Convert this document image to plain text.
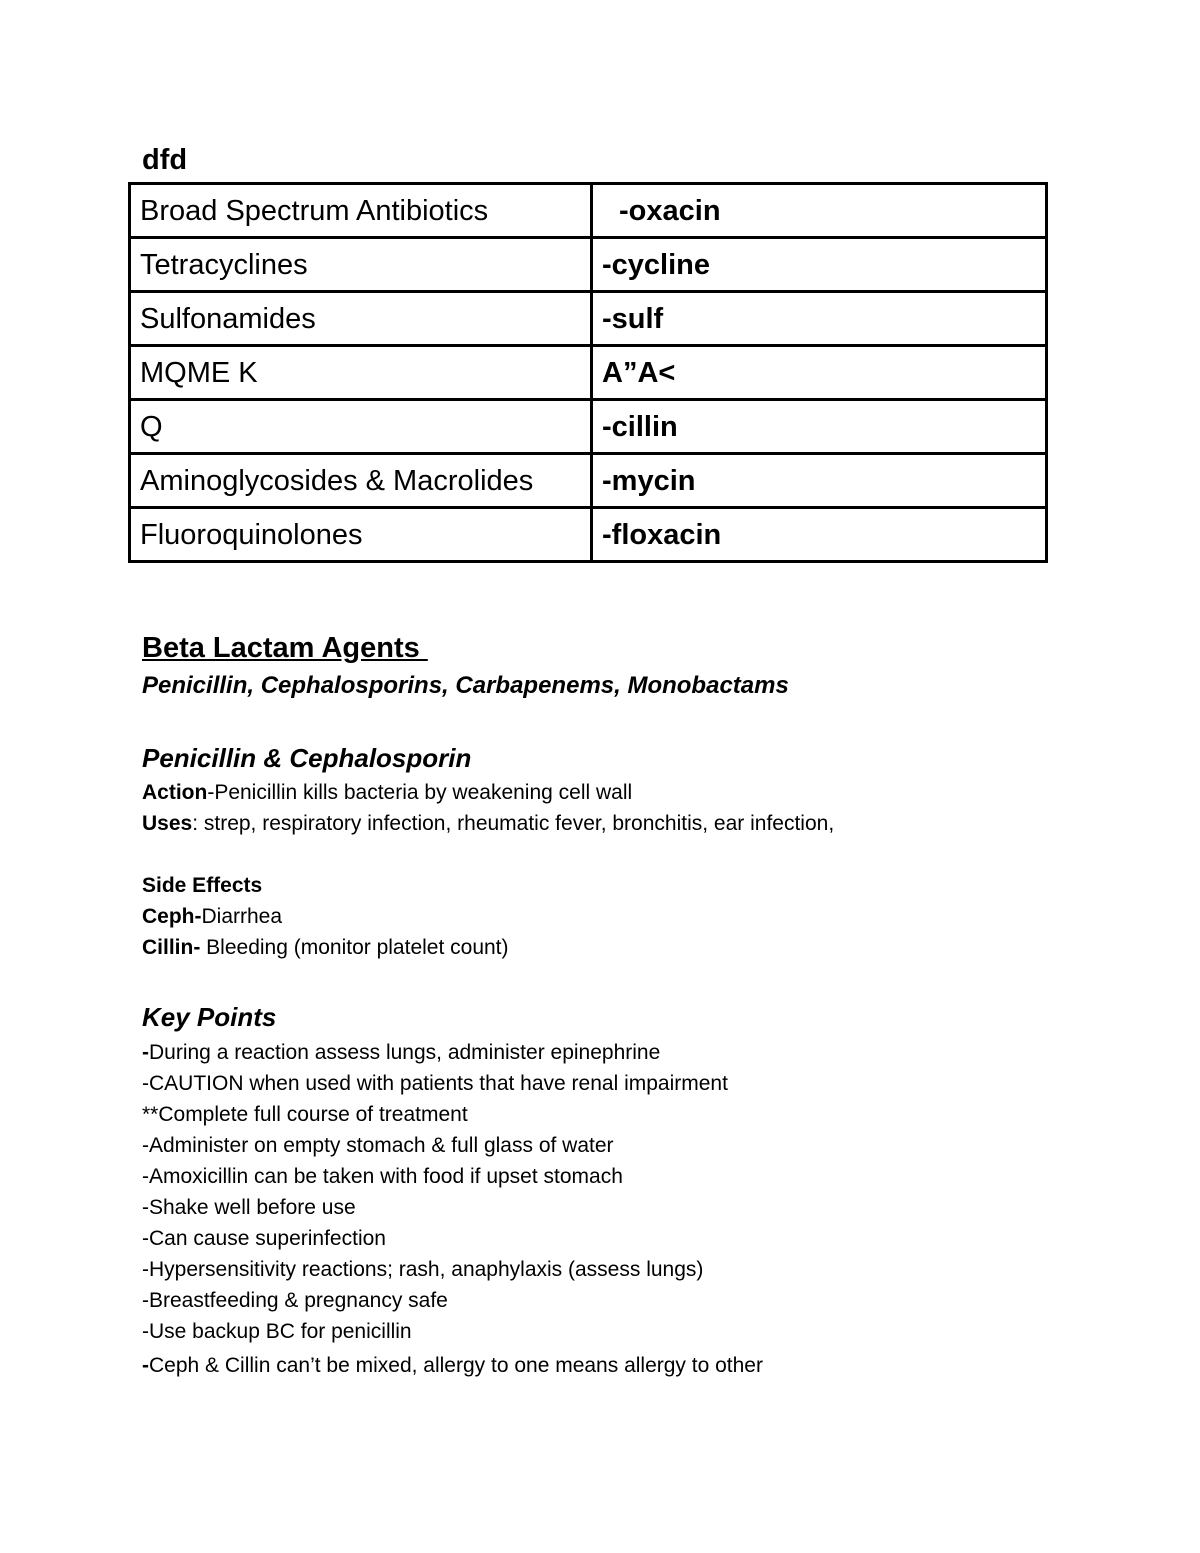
dfd
Broad Spectrum Antibiotics	-oxacin
Tetracyclines	-cycline
Sulfonamides	-sulf
MQME K	A”A<
Q	-cillin
Aminoglycosides & Macrolides	-mycin
Fluoroquinolones	-floxacin
Beta Lactam Agents
Penicillin, Cephalosporins, Carbapenems, Monobactams
Penicillin & Cephalosporin
Action-Penicillin kills bacteria by weakening cell wall
Uses: strep, respiratory infection, rheumatic fever, bronchitis, ear infection,
Side Effects
Ceph-Diarrhea
Cillin- Bleeding (monitor platelet count)
Key Points
-During a reaction assess lungs, administer epinephrine
-CAUTION when used with patients that have renal impairment
**Complete full course of treatment
-Administer on empty stomach & full glass of water
-Amoxicillin can be taken with food if upset stomach
-Shake well before use
-Can cause superinfection
-Hypersensitivity reactions; rash, anaphylaxis (assess lungs)
-Breastfeeding & pregnancy safe
-Use backup BC for penicillin
-Ceph & Cillin can’t be mixed, allergy to one means allergy to other
